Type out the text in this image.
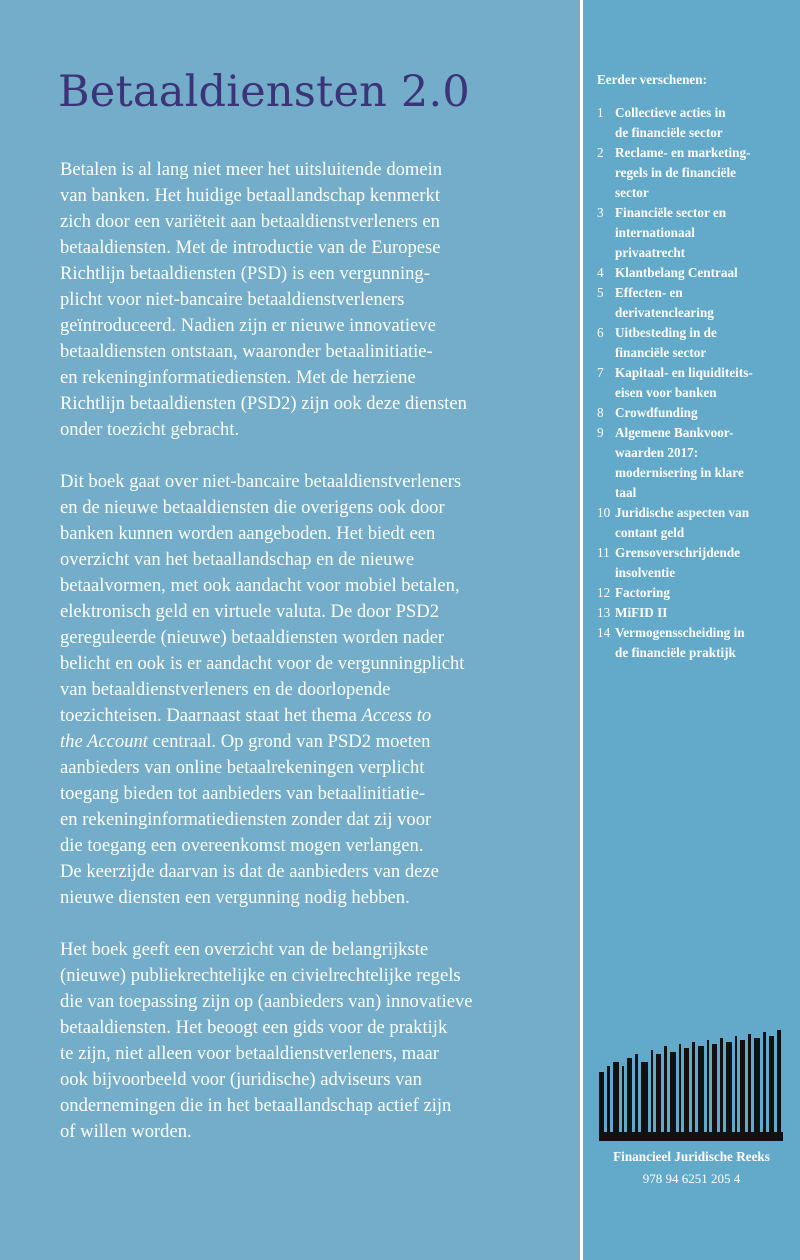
Betaaldiensten 2.0

Betalen is al lang niet meer het uitsluitende domein
van banken. Het huidige betaallandschap kenmerkt
zich door een variëteit aan betaaldienstverleners en
betaaldiensten. Met de introductie van de Europese
Richtlijn betaaldiensten (PSD) is een vergunning-
plicht voor niet-bancaire betaaldienstverleners
geïntroduceerd. Nadien zijn er nieuwe innovatieve
betaaldiensten ontstaan, waaronder betaalinitiatie-
en rekeninginformatiediensten. Met de herziene
Richtlijn betaaldiensten (PSD2) zijn ook deze diensten
onder toezicht gebracht.

Dit boek gaat over niet-bancaire betaaldienstverleners
en de nieuwe betaaldiensten die overigens ook door
banken kunnen worden aangeboden. Het biedt een
overzicht van het betaallandschap en de nieuwe
betaalvormen, met ook aandacht voor mobiel betalen,
elektronisch geld en virtuele valuta. De door PSD2
gereguleerde (nieuwe) betaaldiensten worden nader
belicht en ook is er aandacht voor de vergunningplicht
van betaaldienstverleners en de doorlopende
toezichteisen. Daarnaast staat het thema Access to
the Account centraal. Op grond van PSD2 moeten
aanbieders van online betaalrekeningen verplicht
toegang bieden tot aanbieders van betaalinitiatie-
en rekeninginformatiediensten zonder dat zij voor
die toegang een overeenkomst mogen verlangen.
De keerzijde daarvan is dat de aanbieders van deze
nieuwe diensten een vergunning nodig hebben.

Het boek geeft een overzicht van de belangrijkste
(nieuwe) publiekrechtelijke en civielrechtelijke regels
die van toepassing zijn op (aanbieders van) innovatieve
betaaldiensten. Het beoogt een gids voor de praktijk
te zijn, niet alleen voor betaaldienstverleners, maar
ook bijvoorbeeld voor (juridische) adviseurs van
ondernemingen die in het betaallandschap actief zijn
of willen worden.

Eerder verschenen:
1 Collectieve acties in
de financiële sector
2 Reclame- en marketing-
regels in de financiële
sector
3 Financiële sector en
internationaal
privaatrecht
4 Klantbelang Centraal
5 Effecten- en
derivatenclearing
6 Uitbesteding in de
financiële sector
7 Kapitaal- en liquiditeits-
eisen voor banken
8 Crowdfunding
9 Algemene Bankvoor-
waarden 2017:
modernisering in klare
taal
10 Juridische aspecten van
contant geld
11 Grensoverschrijdende
insolventie
12 Factoring
13 MiFID II
14 Vermogensscheiding in
de financiële praktijk
Financieel Juridische Reeks
978 94 6251 205 4
